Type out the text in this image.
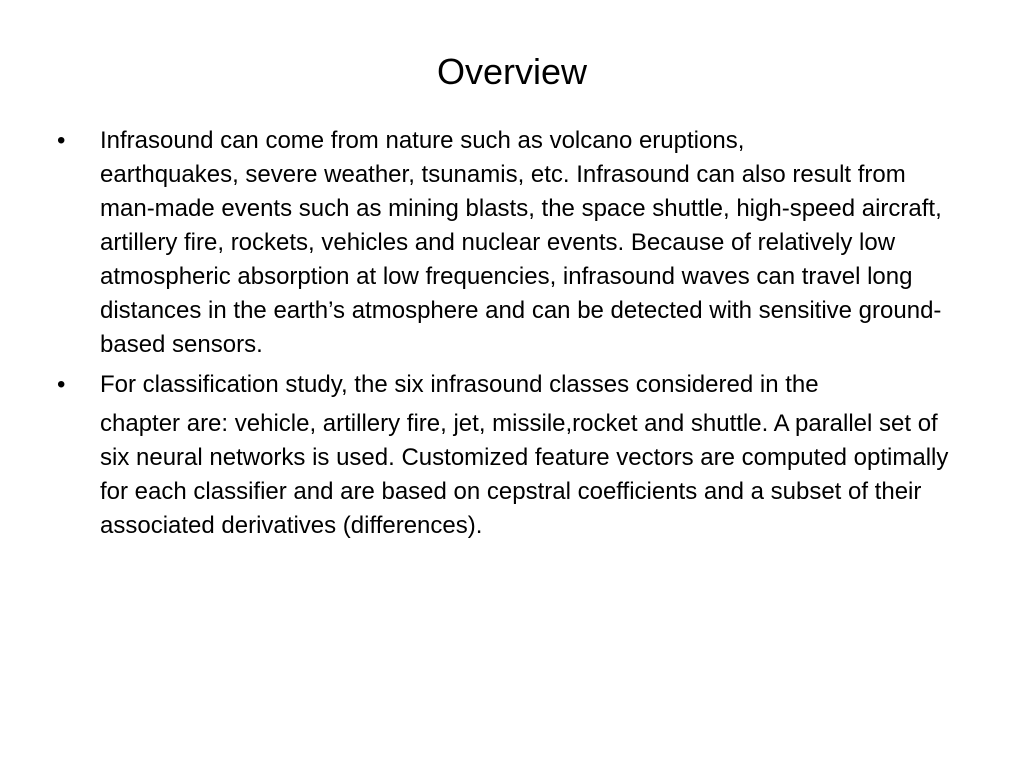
Overview
• Infrasound can come from nature such as volcano eruptions,
earthquakes, severe weather, tsunamis, etc. Infrasound can also result from man-made events such as mining blasts, the space shuttle, high-speed aircraft, artillery fire, rockets, vehicles and nuclear events. Because of relatively low atmospheric absorption at low frequencies, infrasound waves can travel long distances in the earth’s atmosphere and can be detected with sensitive ground-based sensors.
• For classification study, the six infrasound classes considered in the
chapter are: vehicle, artillery fire, jet, missile,rocket and shuttle. A parallel set of six neural networks is used. Customized feature vectors are computed optimally for each classifier and are based on cepstral coefficients and a subset of their associated derivatives (differences).
